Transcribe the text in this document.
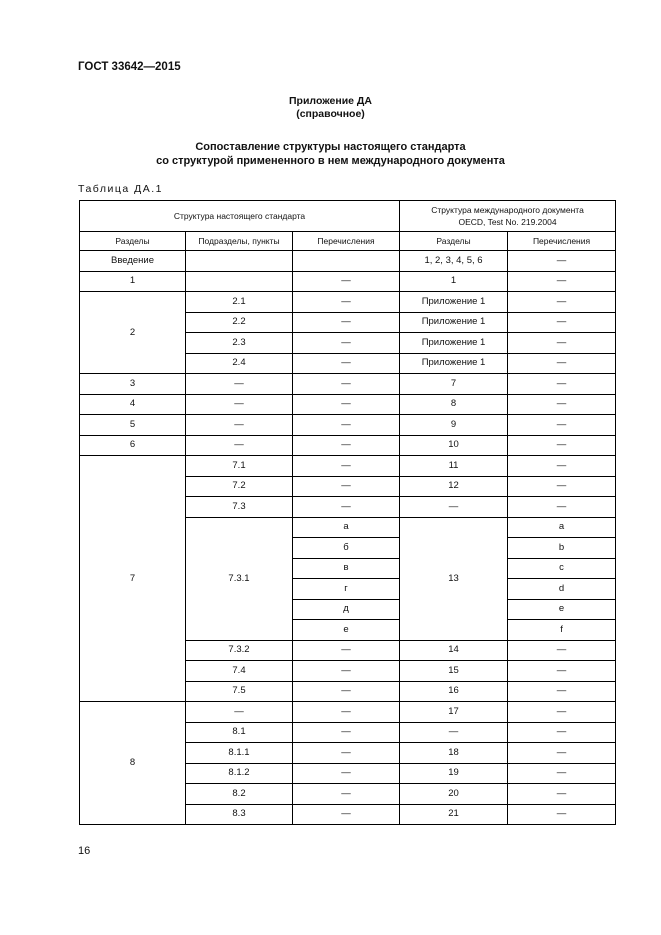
ГОСТ 33642—2015
Приложение ДА
(справочное)
Сопоставление структуры настоящего стандарта
со структурой примененного в нем международного документа
Таблица ДА.1
Структура настоящего стандарта			Структура международного документа
OECD, Test No. 219.2004	
Разделы	Подразделы, пункты	Перечисления	Разделы	Перечисления
Введение			1, 2, 3, 4, 5, 6	—
1		—	1	—
2	2.1	—	Приложение 1	—
	2.2	—	Приложение 1	—
	2.3	—	Приложение 1	—
	2.4	—	Приложение 1	—
3	—	—	7	—
4	—	—	8	—
5	—	—	9	—
6	—	—	10	—
7	7.1	—	11	—
	7.2	—	12	—
	7.3	—	—	—
	7.3.1	а	13	a
		б		b
		в		c
		г		d
		д		e
		е		f
	7.3.2	—	14	—
	7.4	—	15	—
	7.5	—	16	—
8	—	—	17	—
	8.1	—	—	—
	8.1.1	—	18	—
	8.1.2	—	19	—
	8.2	—	20	—
	8.3	—	21	—
16
